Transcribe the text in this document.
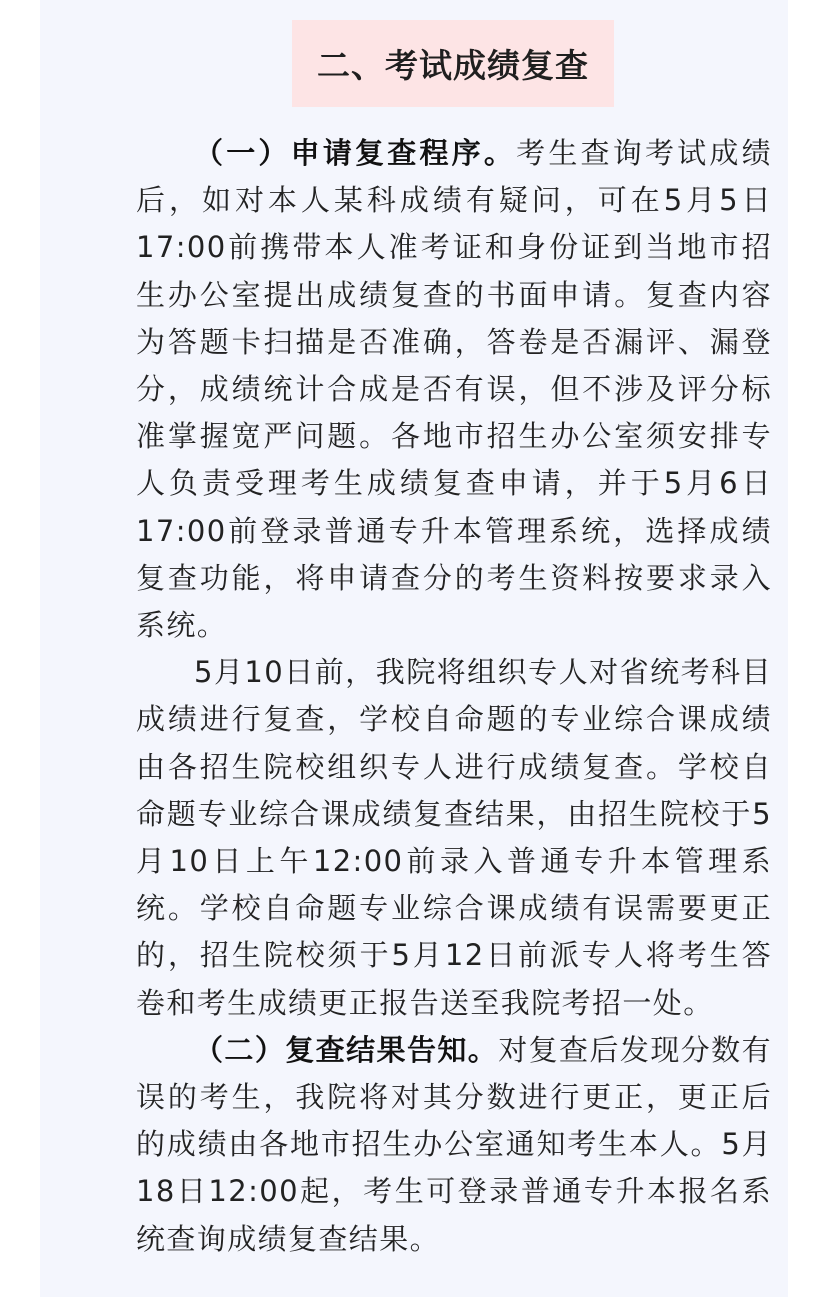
二、考试成绩复查

（一）申请复查程序。考生查询考试成绩后，如对本人某科成绩有疑问，可在5月5日17:00前携带本人准考证和身份证到当地市招生办公室提出成绩复查的书面申请。复查内容为答题卡扫描是否准确，答卷是否漏评、漏登分，成绩统计合成是否有误，但不涉及评分标准掌握宽严问题。各地市招生办公室须安排专人负责受理考生成绩复查申请，并于5月6日17:00前登录普通专升本管理系统，选择成绩复查功能，将申请查分的考生资料按要求录入系统。

5月10日前，我院将组织专人对省统考科目成绩进行复查，学校自命题的专业综合课成绩由各招生院校组织专人进行成绩复查。学校自命题专业综合课成绩复查结果，由招生院校于5月10日上午12:00前录入普通专升本管理系统。学校自命题专业综合课成绩有误需要更正的，招生院校须于5月12日前派专人将考生答卷和考生成绩更正报告送至我院考招一处。

（二）复查结果告知。对复查后发现分数有误的考生，我院将对其分数进行更正，更正后的成绩由各地市招生办公室通知考生本人。5月18日12:00起，考生可登录普通专升本报名系统查询成绩复查结果。
